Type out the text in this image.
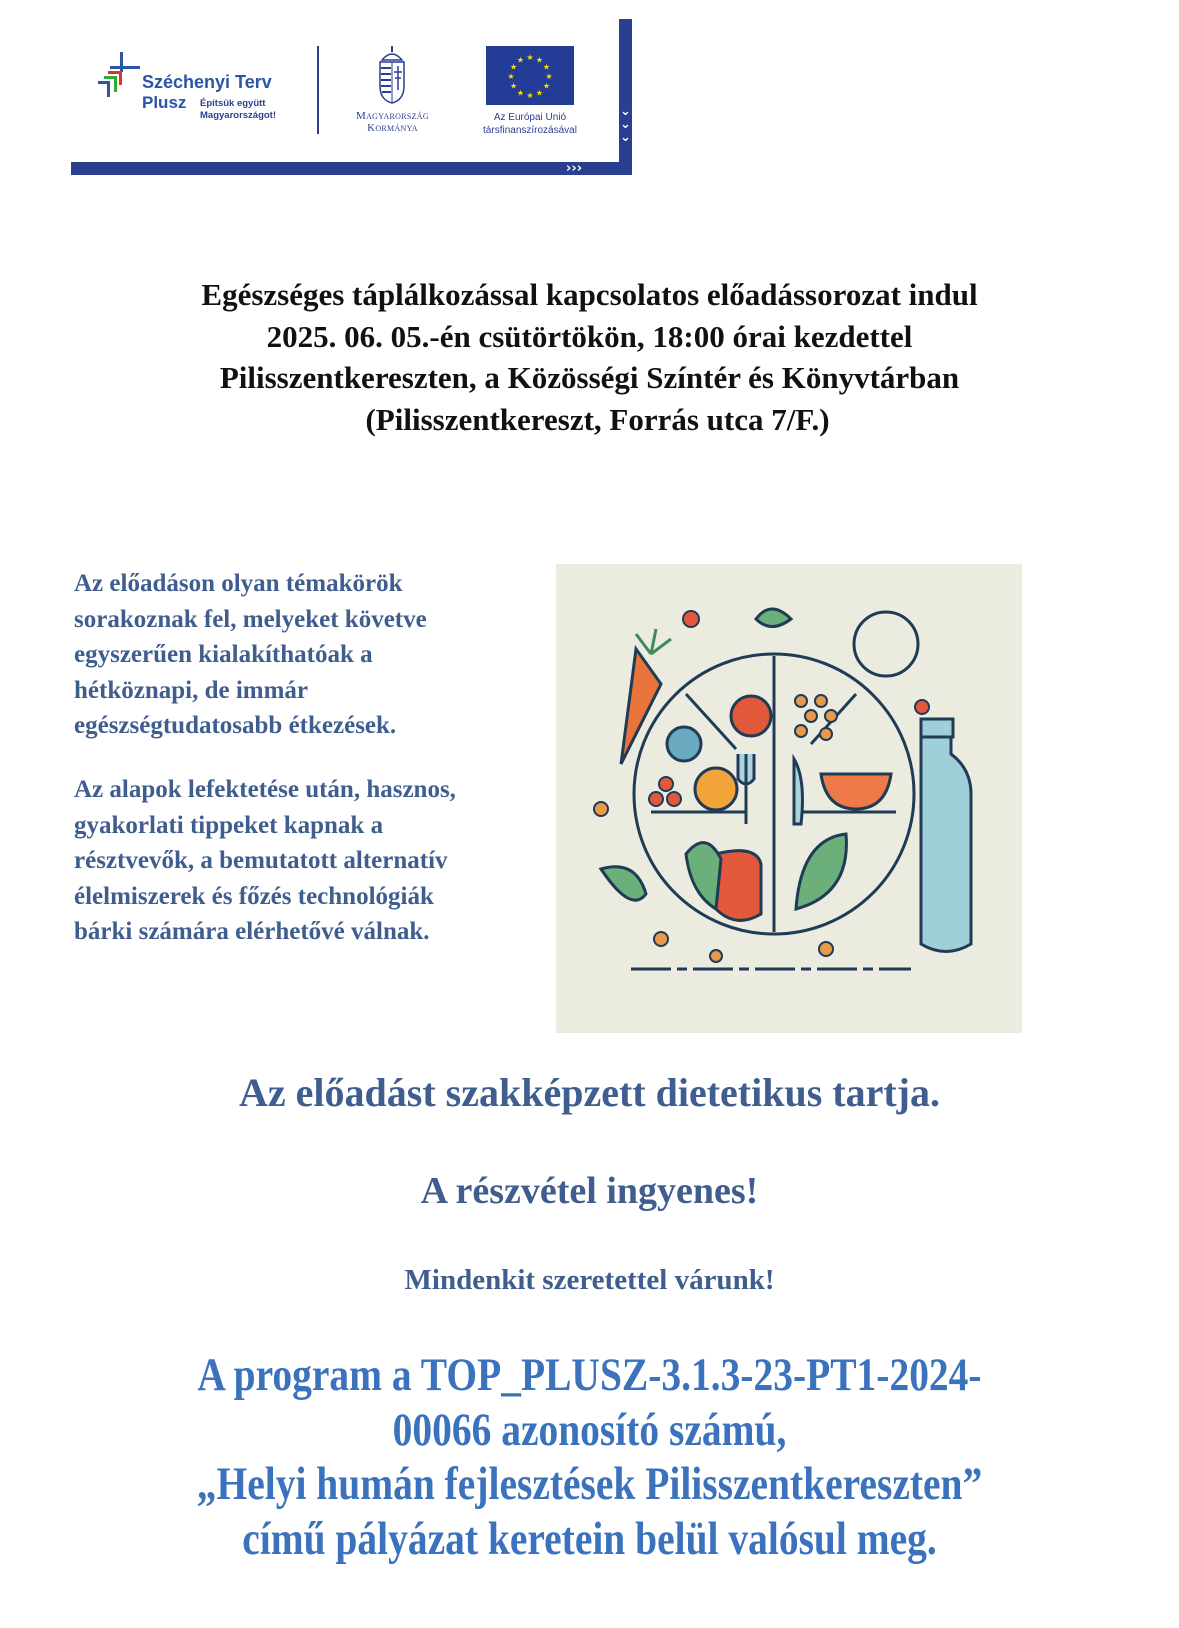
Széchenyi Terv
Plusz Építsük együtt
Magyarországot!	Magyarország
Kormánya
★
★
★
★
★
★
★
★
★ ★ ★
★
Az Európai Unió
társfinanszírozásával
⌄
⌄
⌄
›››
Egészséges táplálkozással kapcsolatos előadássorozat indul
2025. 06. 05.-én csütörtökön, 18:00 órai kezdettel
Pilisszentkereszten, a Közösségi Színtér és Könyvtárban
(Pilisszentkereszt, Forrás utca 7/F.)
Az előadáson olyan témakörök
sorakoznak fel, melyeket követve
egyszerűen kialakíthatóak a
hétköznapi, de immár
egészségtudatosabb étkezések.
Az alapok lefektetése után, hasznos,
gyakorlati tippeket kapnak a
résztvevők, a bemutatott alternatív
élelmiszerek és főzés technológiák
bárki számára elérhetővé válnak.
Az előadást szakképzett dietetikus tartja.
A részvétel ingyenes!
Mindenkit szeretettel várunk!
A program a TOP_PLUSZ-3.1.3-23-PT1-2024-
00066 azonosító számú,
„Helyi humán fejlesztések Pilisszentkereszten”
című pályázat keretein belül valósul meg.
